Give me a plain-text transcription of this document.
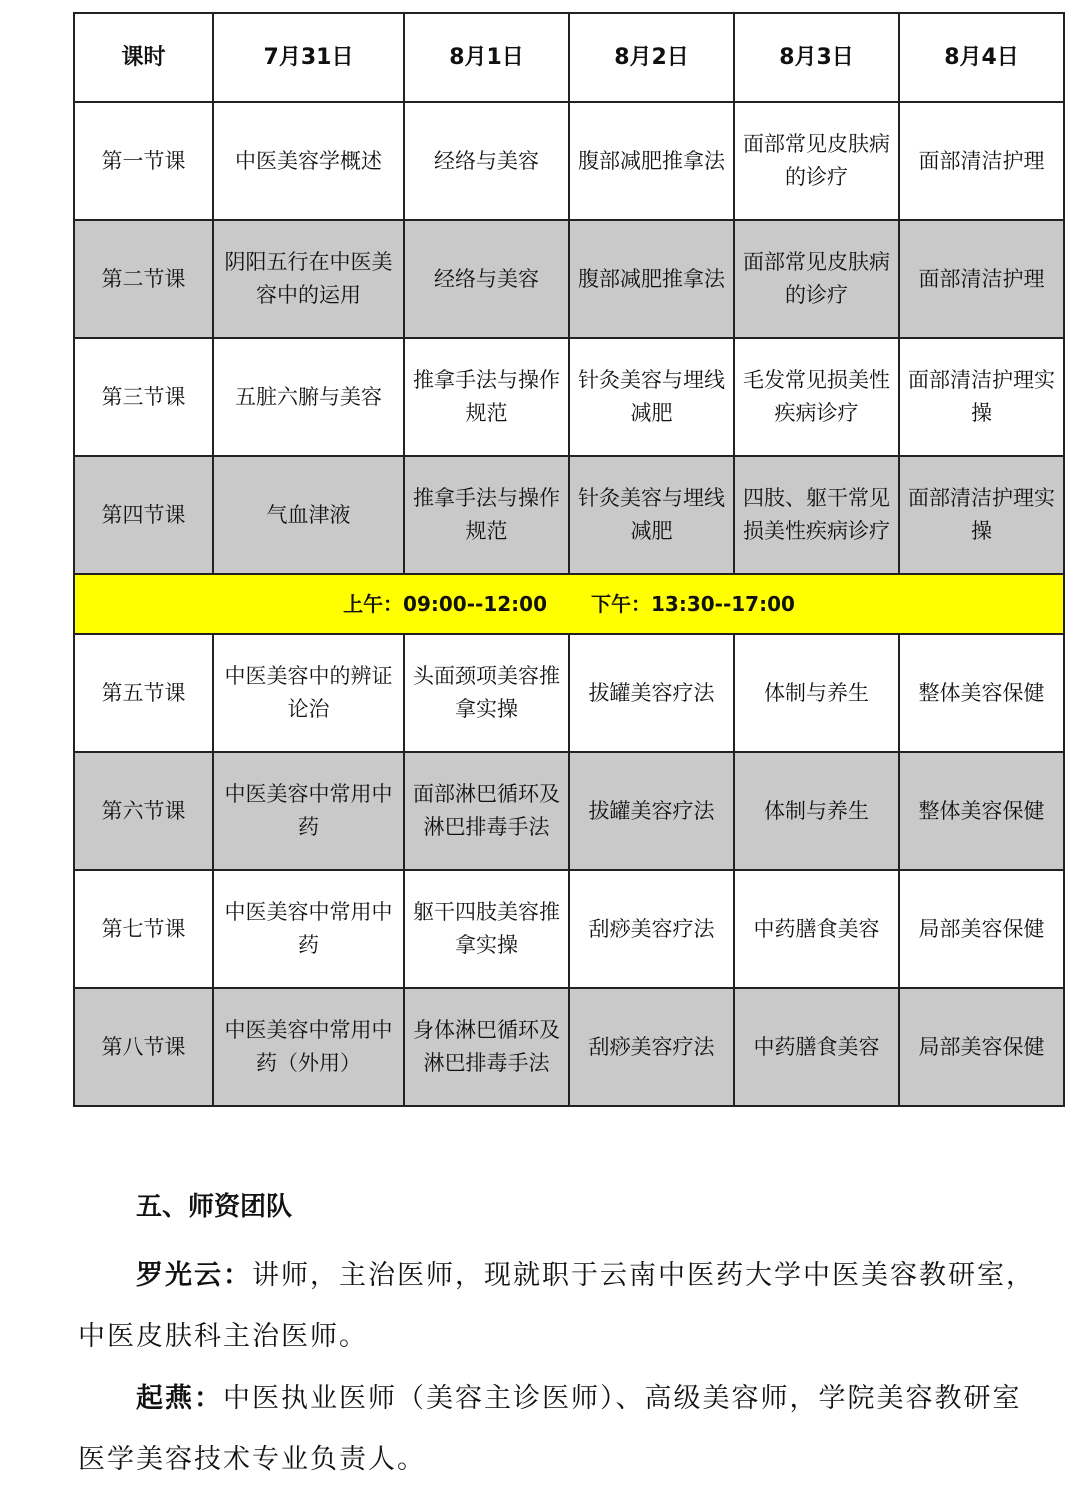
课时	7月31日	8月1日	8月2日	8月3日	8月4日
第一节课	中医美容学概述	经络与美容	腹部减肥推拿法	面部常见皮肤病的诊疗	面部清洁护理
第二节课	阴阳五行在中医美容中的运用	经络与美容	腹部减肥推拿法	面部常见皮肤病的诊疗	面部清洁护理
第三节课	五脏六腑与美容	推拿手法与操作规范	针灸美容与埋线减肥	毛发常见损美性疾病诊疗	面部清洁护理实操
第四节课	气血津液	推拿手法与操作规范	针灸美容与埋线减肥	四肢、躯干常见损美性疾病诊疗	面部清洁护理实操
上午：09:00--12:00 下午：13:30--17:00					
第五节课	中医美容中的辨证论治	头面颈项美容推拿实操	拔罐美容疗法	体制与养生	整体美容保健
第六节课	中医美容中常用中药	面部淋巴循环及淋巴排毒手法	拔罐美容疗法	体制与养生	整体美容保健
第七节课	中医美容中常用中药	躯干四肢美容推拿实操	刮痧美容疗法	中药膳食美容	局部美容保健
第八节课	中医美容中常用中药（外用）	身体淋巴循环及淋巴排毒手法	刮痧美容疗法	中药膳食美容	局部美容保健
五、师资团队

罗光云：讲师，主治医师，现就职于云南中医药大学中医美容教研室，中医皮肤科主治医师。

起燕：中医执业医师（美容主诊医师）、高级美容师，学院美容教研室医学美容技术专业负责人。
